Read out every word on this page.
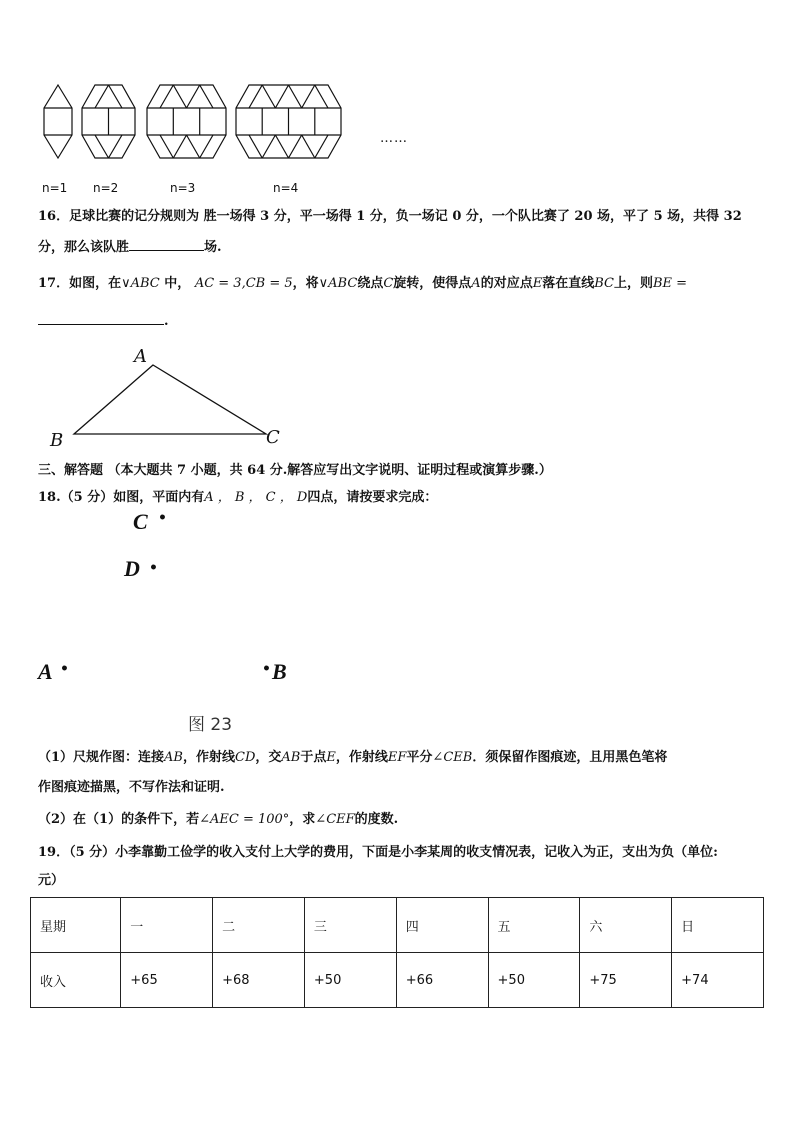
……
n=1 n=2	n=3	n=4
16．足球比赛的记分规则为 胜一场得 3 分，平一场得 1 分，负一场记 0 分，一个队比赛了 20 场，平了 5 场，共得 32
分，那么该队胜	场.
17．如图，在∨ABC 中， AC = 3,CB = 5，将∨ABC绕点C旋转，使得点A的对应点E落在直线BC上，则BE =
.
A
B	C
三、解答题 （本大题共 7 小题，共 64 分.解答应写出文字说明、证明过程或演算步骤.）
18.（5 分）如图，平面内有A ， B ， C ， D四点，请按要求完成：
C •
D •
A •	• B
图 23
（1）尺规作图：连接AB，作射线CD，交AB于点E，作射线EF平分∠CEB．须保留作图痕迹，且用黑色笔将
作图痕迹描黑，不写作法和证明.
（2）在（1）的条件下，若∠AEC = 100°，求∠CEF的度数.
19．（5 分）小李靠勤工俭学的收入支付上大学的费用，下面是小李某周的收支情况表，记收入为正，支出为负（单位:
元）
星期	一	二	三	四	五	六	日
收入	+65	+68	+50	+66	+50	+75	+74
